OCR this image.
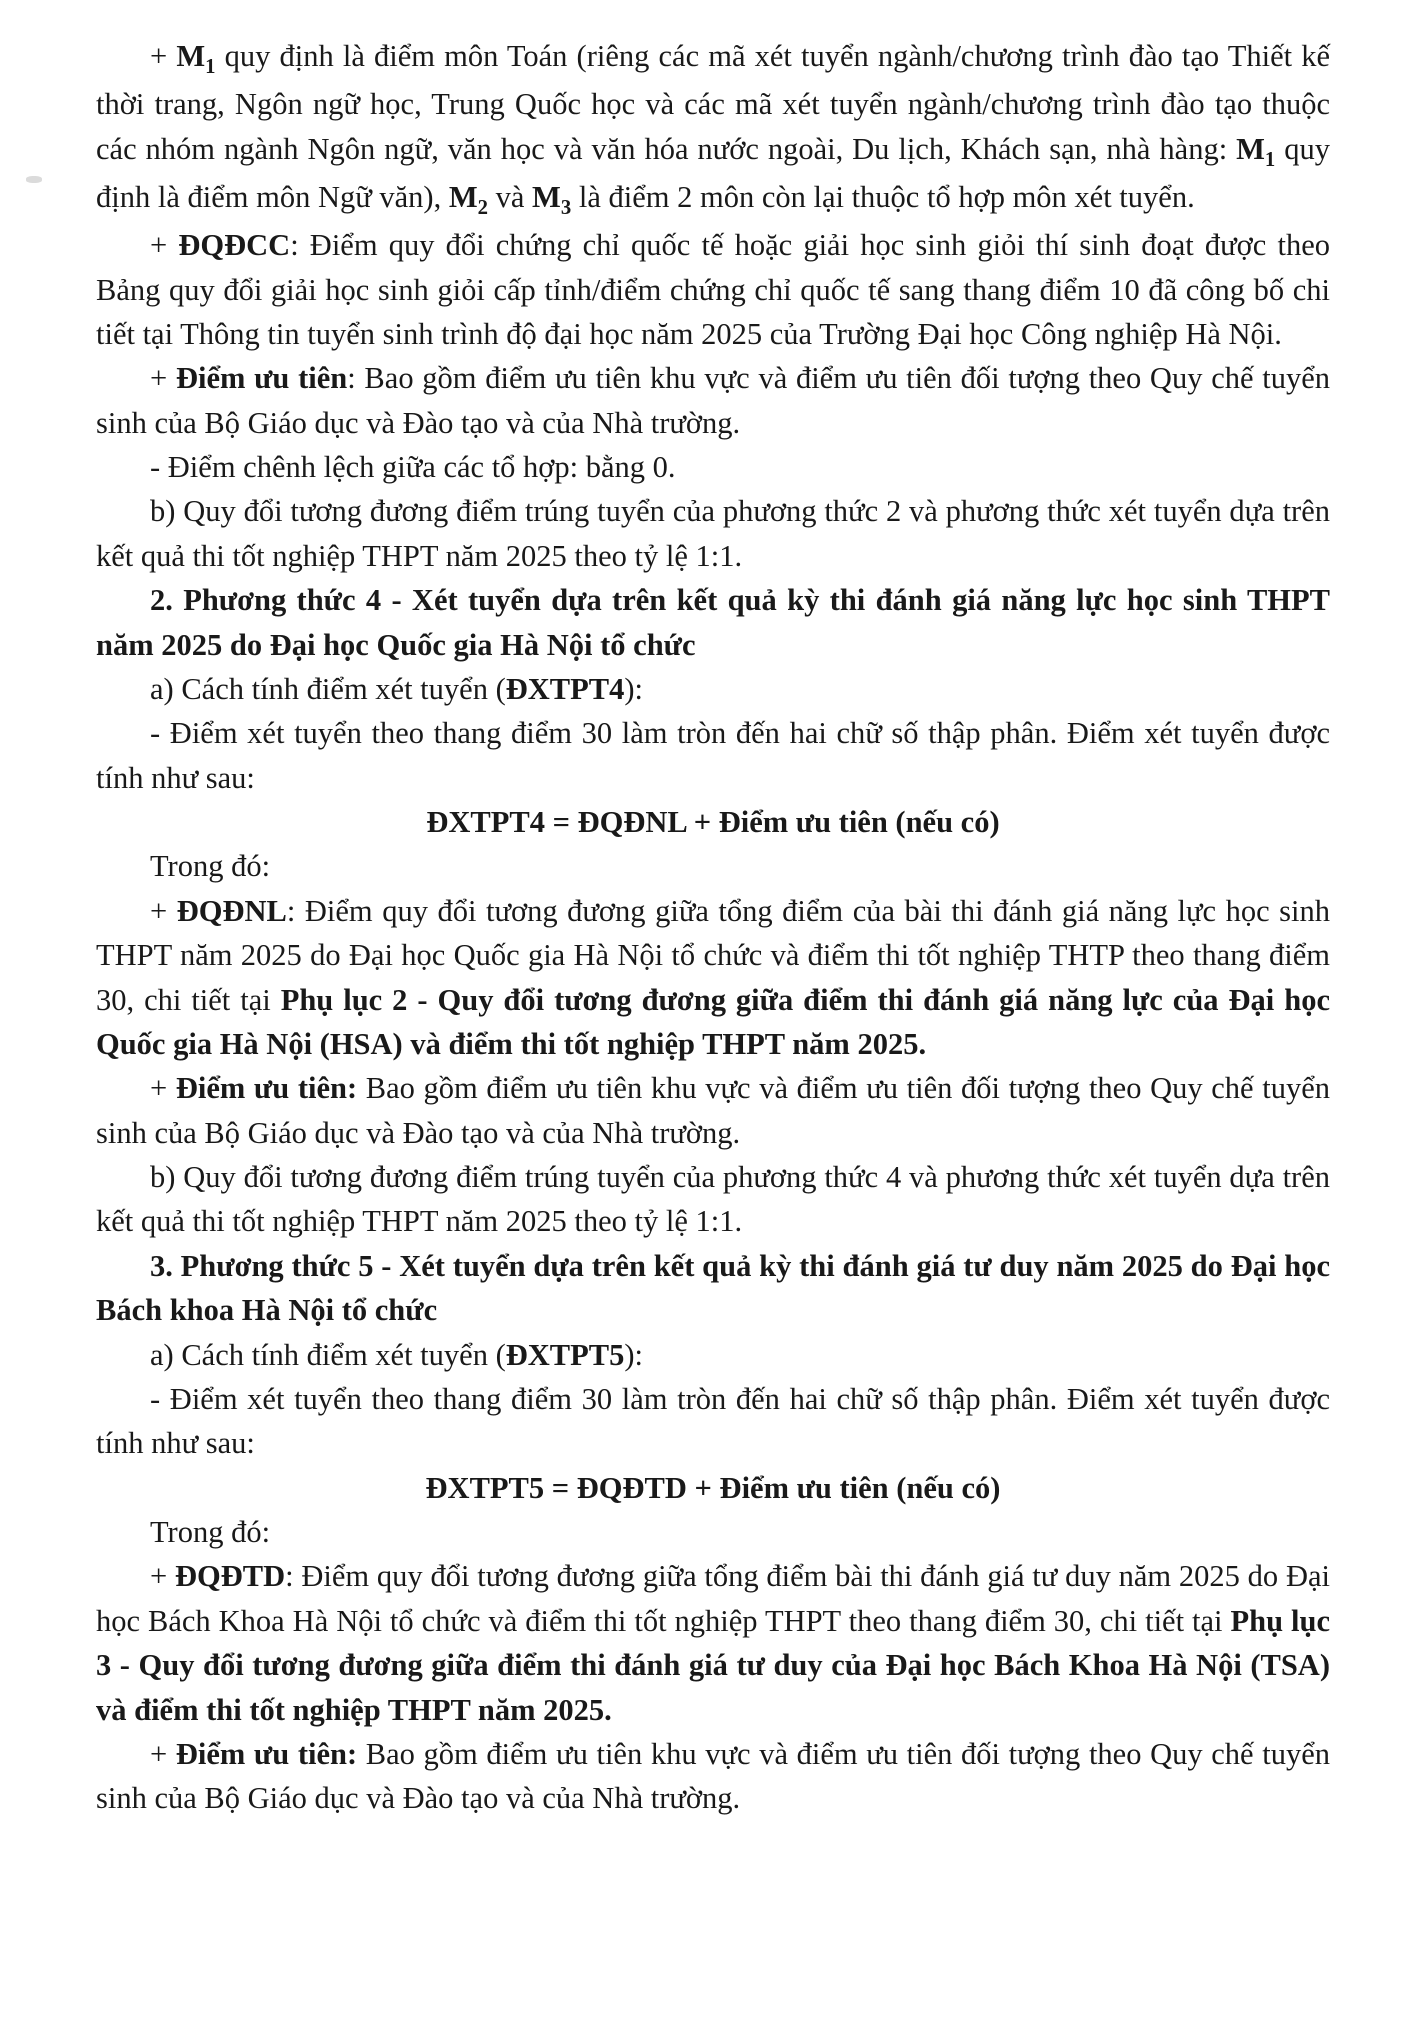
+ $M_1$ quy định là điểm môn Toán (riêng các mã xét tuyển ngành/chương trình đào tạo Thiết kế thời trang, Ngôn ngữ học, Trung Quốc học và các mã xét tuyển ngành/chương trình đào tạo thuộc các nhóm ngành Ngôn ngữ, văn học và văn hóa nước ngoài, Du lịch, Khách sạn, nhà hàng: $M_1$ quy định là điểm môn Ngữ văn), $M_2$ và $M_3$ là điểm 2 môn còn lại thuộc tổ hợp môn xét tuyển.

+ ĐQĐCC: Điểm quy đổi chứng chỉ quốc tế hoặc giải học sinh giỏi thí sinh đoạt được theo Bảng quy đổi giải học sinh giỏi cấp tỉnh/điểm chứng chỉ quốc tế sang thang điểm 10 đã công bố chi tiết tại Thông tin tuyển sinh trình độ đại học năm 2025 của Trường Đại học Công nghiệp Hà Nội.

+ Điểm ưu tiên: Bao gồm điểm ưu tiên khu vực và điểm ưu tiên đối tượng theo Quy chế tuyển sinh của Bộ Giáo dục và Đào tạo và của Nhà trường.

- Điểm chênh lệch giữa các tổ hợp: bằng 0.

b) Quy đổi tương đương điểm trúng tuyển của phương thức 2 và phương thức xét tuyển dựa trên kết quả thi tốt nghiệp THPT năm 2025 theo tỷ lệ 1:1.

2. Phương thức 4 - Xét tuyển dựa trên kết quả kỳ thi đánh giá năng lực học sinh THPT năm 2025 do Đại học Quốc gia Hà Nội tổ chức

a) Cách tính điểm xét tuyển (ĐXTPT4):

- Điểm xét tuyển theo thang điểm 30 làm tròn đến hai chữ số thập phân. Điểm xét tuyển được tính như sau:

ĐXTPT4 = ĐQĐNL + Điểm ưu tiên (nếu có)

Trong đó:

+ ĐQĐNL: Điểm quy đổi tương đương giữa tổng điểm của bài thi đánh giá năng lực học sinh THPT năm 2025 do Đại học Quốc gia Hà Nội tổ chức và điểm thi tốt nghiệp THTP theo thang điểm 30, chi tiết tại Phụ lục 2 - Quy đổi tương đương giữa điểm thi đánh giá năng lực của Đại học Quốc gia Hà Nội (HSA) và điểm thi tốt nghiệp THPT năm 2025.

+ Điểm ưu tiên: Bao gồm điểm ưu tiên khu vực và điểm ưu tiên đối tượng theo Quy chế tuyển sinh của Bộ Giáo dục và Đào tạo và của Nhà trường.

b) Quy đổi tương đương điểm trúng tuyển của phương thức 4 và phương thức xét tuyển dựa trên kết quả thi tốt nghiệp THPT năm 2025 theo tỷ lệ 1:1.

3. Phương thức 5 - Xét tuyển dựa trên kết quả kỳ thi đánh giá tư duy năm 2025 do Đại học Bách khoa Hà Nội tổ chức

a) Cách tính điểm xét tuyển (ĐXTPT5):

- Điểm xét tuyển theo thang điểm 30 làm tròn đến hai chữ số thập phân. Điểm xét tuyển được tính như sau:

ĐXTPT5 = ĐQĐTD + Điểm ưu tiên (nếu có)

Trong đó:

+ ĐQĐTD: Điểm quy đổi tương đương giữa tổng điểm bài thi đánh giá tư duy năm 2025 do Đại học Bách Khoa Hà Nội tổ chức và điểm thi tốt nghiệp THPT theo thang điểm 30, chi tiết tại Phụ lục 3 - Quy đổi tương đương giữa điểm thi đánh giá tư duy của Đại học Bách Khoa Hà Nội (TSA) và điểm thi tốt nghiệp THPT năm 2025.

+ Điểm ưu tiên: Bao gồm điểm ưu tiên khu vực và điểm ưu tiên đối tượng theo Quy chế tuyển sinh của Bộ Giáo dục và Đào tạo và của Nhà trường.
